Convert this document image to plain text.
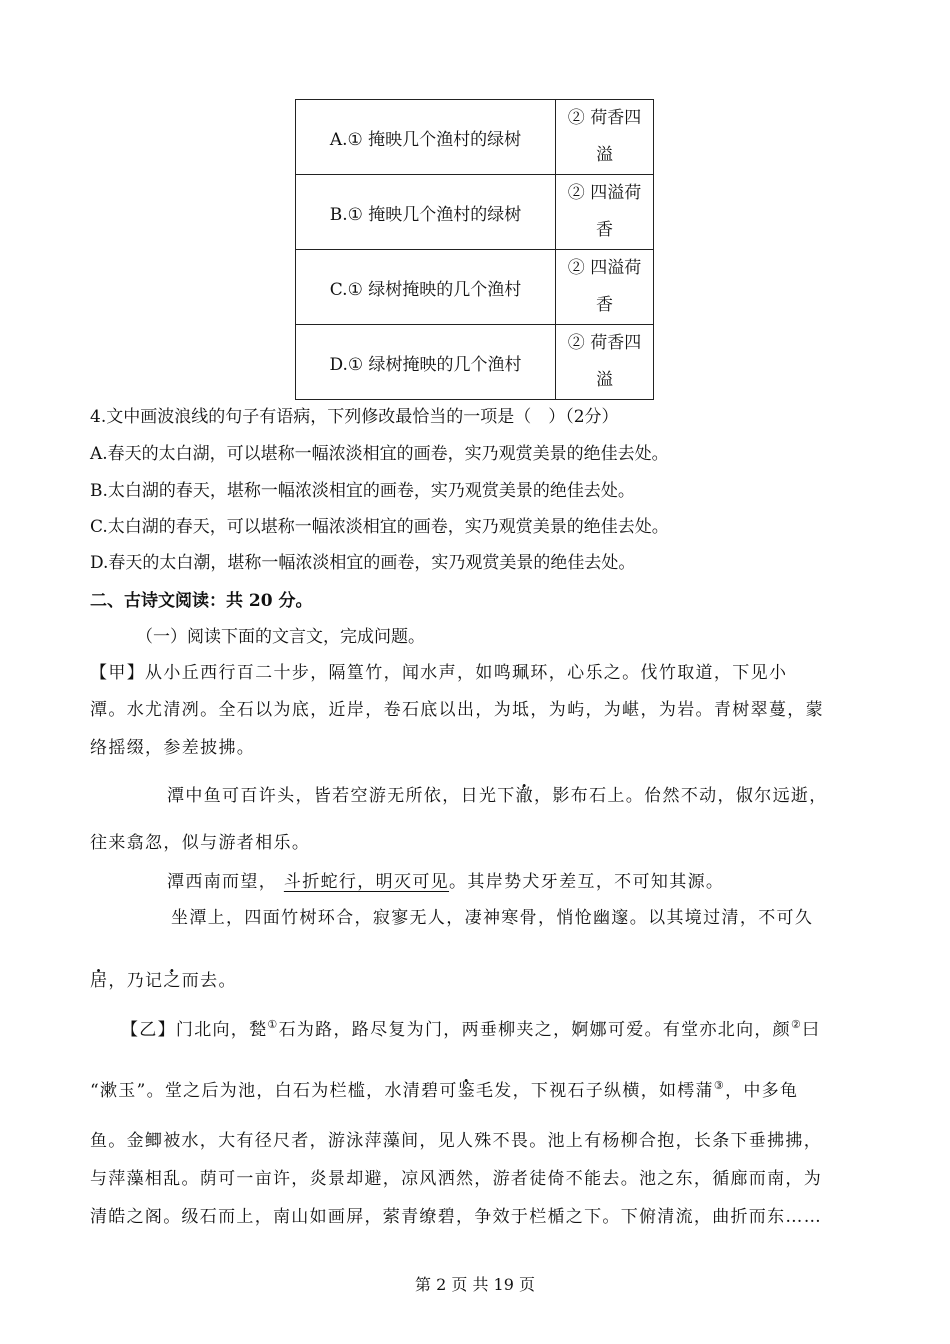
A.① 掩映几个渔村的绿树	② 荷香四
溢

B.① 掩映几个渔村的绿树	② 四溢荷
香

C.① 绿树掩映的几个渔村	② 四溢荷
香

D.① 绿树掩映的几个渔村	② 荷香四
溢
4.文中画波浪线的句子有语病，下列修改最恰当的一项是（　）（2分）
A.春天的太白湖，可以堪称一幅浓淡相宜的画卷，实乃观赏美景的绝佳去处。
B.太白湖的春天，堪称一幅浓淡相宜的画卷，实乃观赏美景的绝佳去处。
C.太白湖的春天，可以堪称一幅浓淡相宜的画卷，实乃观赏美景的绝佳去处。
D.春天的太白潮，堪称一幅浓淡相宜的画卷，实乃观赏美景的绝佳去处。
二、古诗文阅读：共 20 分。
（一）阅读下面的文言文，完成问题。
【甲】从小丘西行百二十步，隔篁竹，闻水声，如鸣珮环，心乐之。伐竹取道，下见小
潭。水尤清冽。全石以为底，近岸，卷石底以出，为坻，为屿，为嵁，为岩。青树翠蔓，蒙
络摇缀，参差披拂。
潭中鱼可百许头，皆若空游无所依，日光下澈，影布石上。佁然不动，俶尔远逝，
往来翕忽，似与游者相乐。
潭西南而望， 斗折蛇行，明灭可见。其岸势犬牙差互，不可知其源。
坐潭上，四面竹树环合，寂寥无人，凄神寒骨，悄怆幽邃。以其境过清，不可久
居，乃记之而去。
【乙】门北向，甃①石为路，路尽复为门，两垂柳夹之，婀娜可爱。有堂亦北向，颜②曰
“漱玉”。堂之后为池，白石为栏槛，水清碧可鉴毛发，下视石子纵横，如樗蒲③，中多龟
鱼。金鲫被水，大有径尺者，游泳萍藻间，见人殊不畏。池上有杨柳合抱，长条下垂拂拂，
与萍藻相乱。荫可一亩许，炎景却避，凉风洒然，游者徒倚不能去。池之东，循廊而南，为
清皓之阁。级石而上，南山如画屏，萦青缭碧，争效于栏楯之下。下俯清流，曲折而东……
第 2 页 共 19 页
